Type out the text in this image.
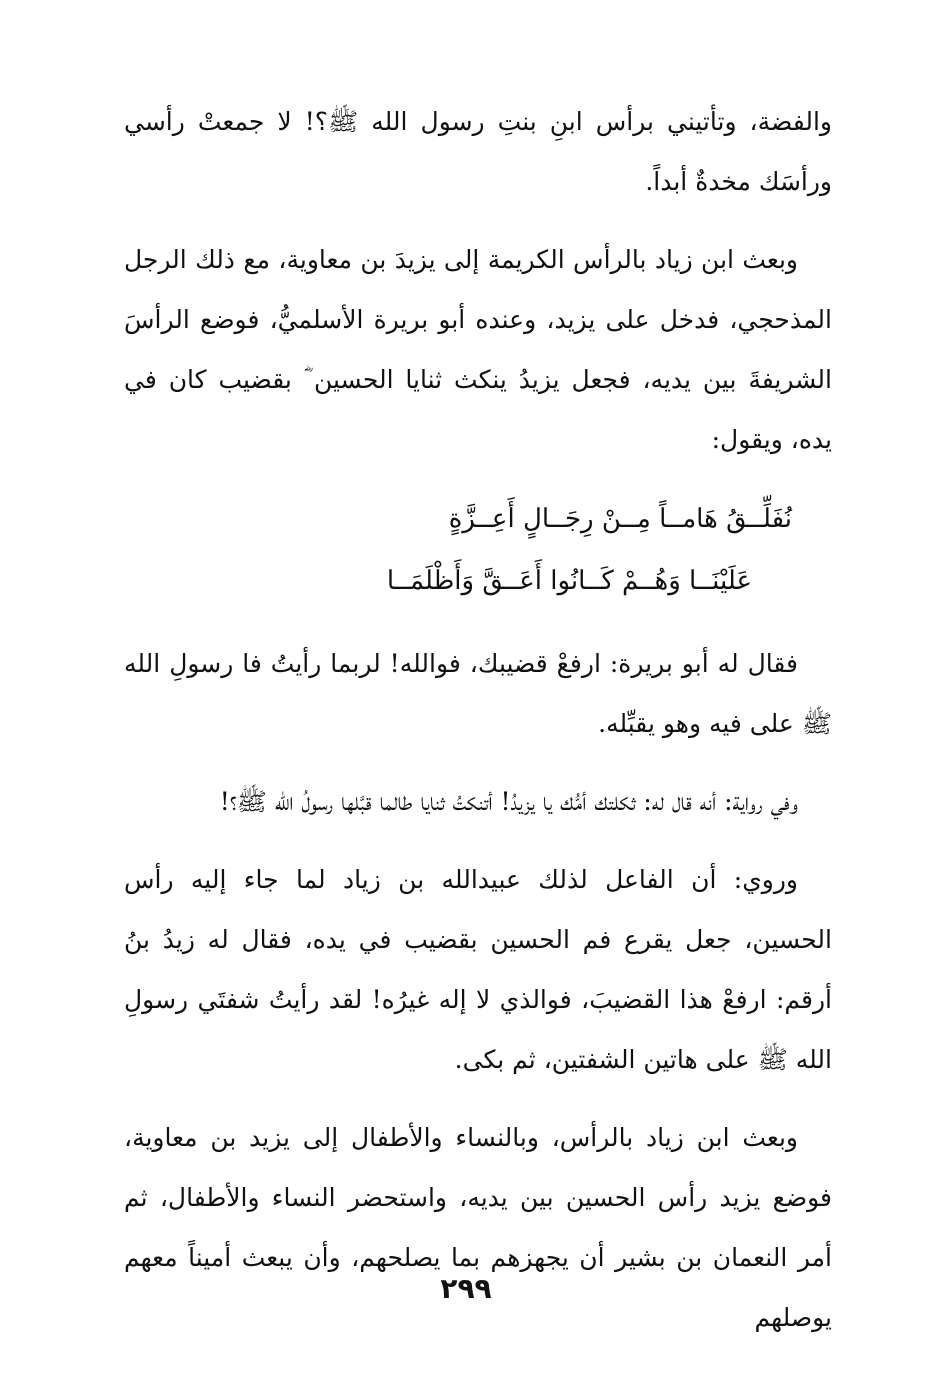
والفضة، وتأتيني برأس ابنِ بنتِ رسول الله ﷺ؟! لا جمعتْ رأسي ورأسَك مخدةٌ أبداً.

وبعث ابن زياد بالرأس الكريمة إلى يزيدَ بن معاوية، مع ذلك الرجل المذحجي، فدخل على يزيد، وعنده أبو بريرة الأسلميُّ، فوضع الرأسَ الشريفةَ بين يديه، فجعل يزيدُ ينكث ثنايا الحسين ؓ بقضيب كان في يده، ويقول:

نُفَلِّــقُ هَامــاً مِــنْ رِجَــالٍ أَعِــزَّةٍ
عَلَيْنَــا وَهُــمْ كَــانُوا أَعَــقَّ وَأَظْلَمَــا

فقال له أبو بريرة: ارفعْ قضيبك، فوالله! لربما رأيتُ فا رسولِ الله ﷺ على فيه وهو يقبِّله.

وفي رواية: أنه قال له: ثكلتك أمُّك يا يزيدُ! أتنكتُ ثنايا طالما قبَّلها رسولُ الله ﷺ؟!

وروي: أن الفاعل لذلك عبيدالله بن زياد لما جاء إليه رأس الحسين، جعل يقرع فم الحسين بقضيب في يده، فقال له زيدُ بنُ أرقم: ارفعْ هذا القضيبَ، فوالذي لا إله غيرُه! لقد رأيتُ شفتَي رسولِ الله ﷺ على هاتين الشفتين، ثم بكى.

وبعث ابن زياد بالرأس، وبالنساء والأطفال إلى يزيد بن معاوية، فوضع يزيد رأس الحسين بين يديه، واستحضر النساء والأطفال، ثم أمر النعمان بن بشير أن يجهزهم بما يصلحهم، وأن يبعث أميناً معهم يوصلهم

٢٩٩
